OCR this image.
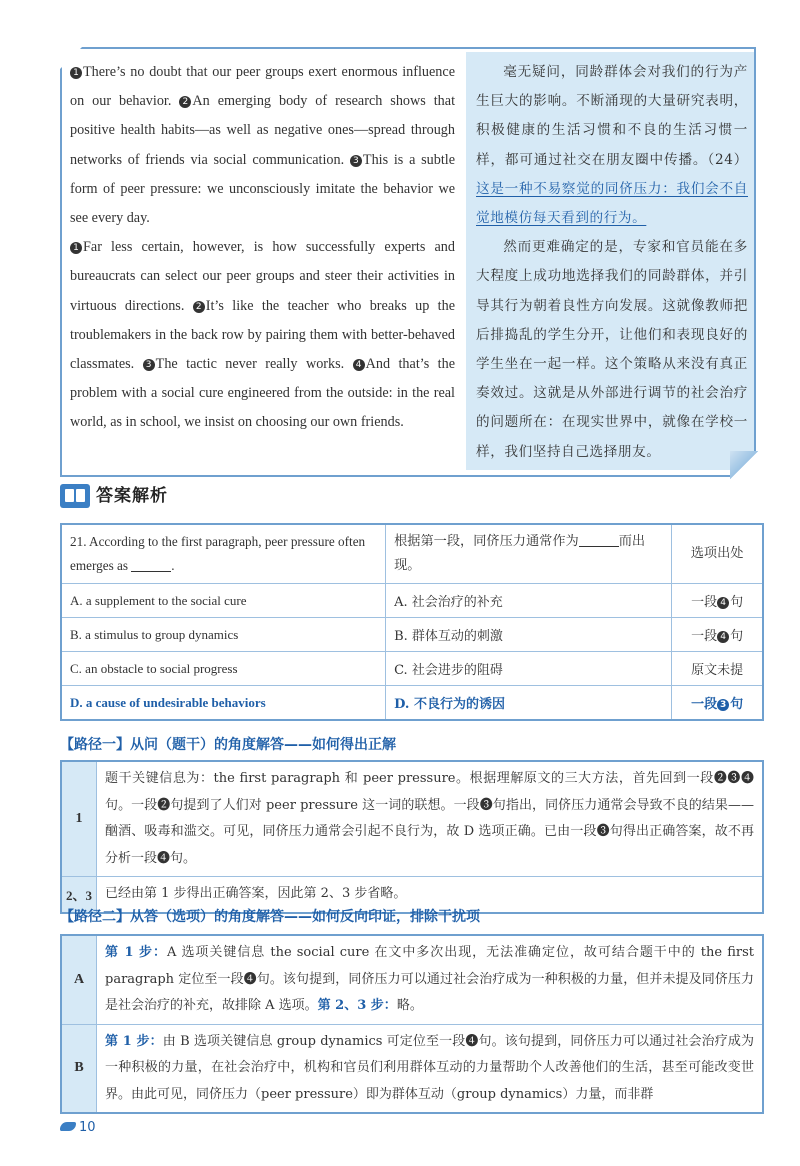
1 There’s no doubt that our peer groups exert enormous influence on our behavior. 2 An emerging body of research shows that positive health habits—as well as negative ones—spread through networks of friends via social communication. 3 This is a subtle form of peer pressure: we unconsciously imitate the behavior we see every day.

1 Far less certain, however, is how successfully experts and bureaucrats can select our peer groups and steer their activities in virtuous directions. 2 It’s like the teacher who breaks up the troublemakers in the back row by pairing them with better-behaved classmates. 3 The tactic never really works. 4 And that’s the problem with a social cure engineered from the outside: in the real world, as in school, we insist on choosing our own friends.

毫无疑问，同龄群体会对我们的行为产生巨大的影响。不断涌现的大量研究表明，积极健康的生活习惯和不良的生活习惯一样，都可通过社交在朋友圈中传播。（24）这是一种不易察觉的同侪压力：我们会不自觉地模仿每天看到的行为。

然而更难确定的是，专家和官员能在多大程度上成功地选择我们的同龄群体，并引导其行为朝着良性方向发展。这就像教师把后排捣乱的学生分开，让他们和表现良好的学生坐在一起一样。这个策略从来没有真正奏效过。这就是从外部进行调节的社会治疗的问题所在：在现实世界中，就像在学校一样，我们坚持自己选择朋友。

答案解析
21. According to the first paragraph, peer pressure often emerges as .	根据第一段，同侪压力通常作为 而出现。	选项出处
A. a supplement to the social cure	A. 社会治疗的补充	一段 4 句
B. a stimulus to group dynamics	B. 群体互动的刺激	一段 4 句
C. an obstacle to social progress	C. 社会进步的阻碍	原文未提
D. a cause of undesirable behaviors	D. 不良行为的诱因	一段 3 句
【路径一】从问（题干）的角度解答——如何得出正解
1	题干关键信息为：the first paragraph 和 peer pressure。根据理解原文的三大方法，首先回到一段❷❸❹句。一段❷句提到了人们对 peer pressure 这一词的联想。一段❸句指出，同侪压力通常会导致不良的结果——酗酒、吸毒和滥交。可见，同侪压力通常会引起不良行为，故 D 选项正确。已由一段❸句得出正确答案，故不再分析一段❹句。
2、3	已经由第 1 步得出正确答案，因此第 2、3 步省略。
【路径二】从答（选项）的角度解答——如何反向印证，排除干扰项
A	第 1 步：A 选项关键信息 the social cure 在文中多次出现，无法准确定位，故可结合题干中的 the first paragraph 定位至一段❹句。该句提到，同侪压力可以通过社会治疗成为一种积极的力量，但并未提及同侪压力是社会治疗的补充，故排除 A 选项。第 2、3 步：略。
B	第 1 步：由 B 选项关键信息 group dynamics 可定位至一段❹句。该句提到，同侪压力可以通过社会治疗成为一种积极的力量，在社会治疗中，机构和官员们利用群体互动的力量帮助个人改善他们的生活，甚至可能改变世界。由此可见，同侪压力（peer pressure）即为群体互动（group dynamics）力量，而非群
10
